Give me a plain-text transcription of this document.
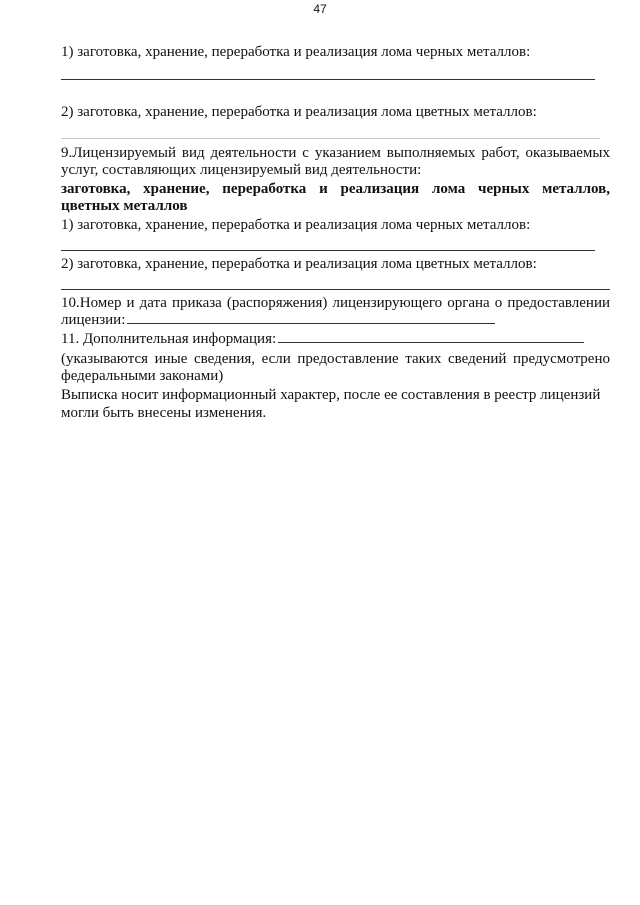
47
1) заготовка, хранение, переработка и реализация лома черных металлов:
2) заготовка, хранение, переработка и реализация лома цветных металлов:
9.Лицензируемый вид деятельности с указанием выполняемых работ, оказываемых
услуг, составляющих лицензируемый вид деятельности:
заготовка, хранение, переработка и реализация лома черных металлов,
цветных металлов
1) заготовка, хранение, переработка и реализация лома черных металлов:
2) заготовка, хранение, переработка и реализация лома цветных металлов:
10.Номер и дата приказа (распоряжения) лицензирующего органа о предоставлении
лицензии:
11. Дополнительная информация:
(указываются иные сведения, если предоставление таких сведений предусмотрено
федеральными законами)
Выписка носит информационный характер, после ее составления в реестр лицензий
могли быть внесены изменения.
